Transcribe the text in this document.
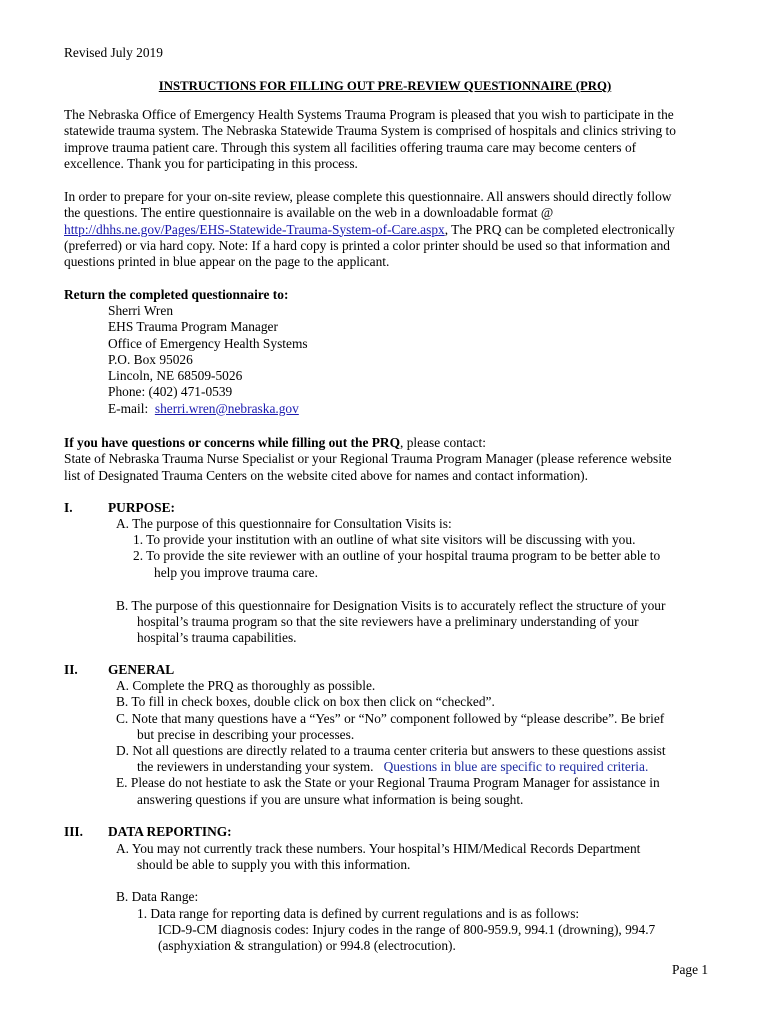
Revised July 2019
INSTRUCTIONS FOR FILLING OUT PRE-REVIEW QUESTIONNAIRE (PRQ)
The Nebraska Office of Emergency Health Systems Trauma Program is pleased that you wish to participate in the
statewide trauma system. The Nebraska Statewide Trauma System is comprised of hospitals and clinics striving to
improve trauma patient care. Through this system all facilities offering trauma care may become centers of
excellence. Thank you for participating in this process.
In order to prepare for your on-site review, please complete this questionnaire. All answers should directly follow
the questions. The entire questionnaire is available on the web in a downloadable format @
http://dhhs.ne.gov/Pages/EHS-Statewide-Trauma-System-of-Care.aspx, The PRQ can be completed electronically
(preferred) or via hard copy. Note: If a hard copy is printed a color printer should be used so that information and
questions printed in blue appear on the page to the applicant.
Return the completed questionnaire to:
Sherri Wren
EHS Trauma Program Manager
Office of Emergency Health Systems
P.O. Box 95026
Lincoln, NE 68509-5026
Phone: (402) 471-0539
E-mail:  sherri.wren@nebraska.gov
If you have questions or concerns while filling out the PRQ, please contact:
State of Nebraska Trauma Nurse Specialist or your Regional Trauma Program Manager (please reference website
list of Designated Trauma Centers on the website cited above for names and contact information).
I.	PURPOSE:
A. The purpose of this questionnaire for Consultation Visits is:
1. To provide your institution with an outline of what site visitors will be discussing with you.
2. To provide the site reviewer with an outline of your hospital trauma program to be better able to
help you improve trauma care.
B. The purpose of this questionnaire for Designation Visits is to accurately reflect the structure of your
hospital’s trauma program so that the site reviewers have a preliminary understanding of your
hospital’s trauma capabilities.
II. GENERAL
A. Complete the PRQ as thoroughly as possible.
B. To fill in check boxes, double click on box then click on “checked”.
C. Note that many questions have a “Yes” or “No” component followed by “please describe”. Be brief
but precise in describing your processes.
D. Not all questions are directly related to a trauma center criteria but answers to these questions assist
the reviewers in understanding your system.   Questions in blue are specific to required criteria.
E. Please do not hestiate to ask the State or your Regional Trauma Program Manager for assistance in
answering questions if you are unsure what information is being sought.
III. DATA REPORTING:
A. You may not currently track these numbers. Your hospital’s HIM/Medical Records Department
should be able to supply you with this information.
B. Data Range:
1. Data range for reporting data is defined by current regulations and is as follows:
ICD-9-CM diagnosis codes: Injury codes in the range of 800-959.9, 994.1 (drowning), 994.7
(asphyxiation & strangulation) or 994.8 (electrocution).
Page 1
